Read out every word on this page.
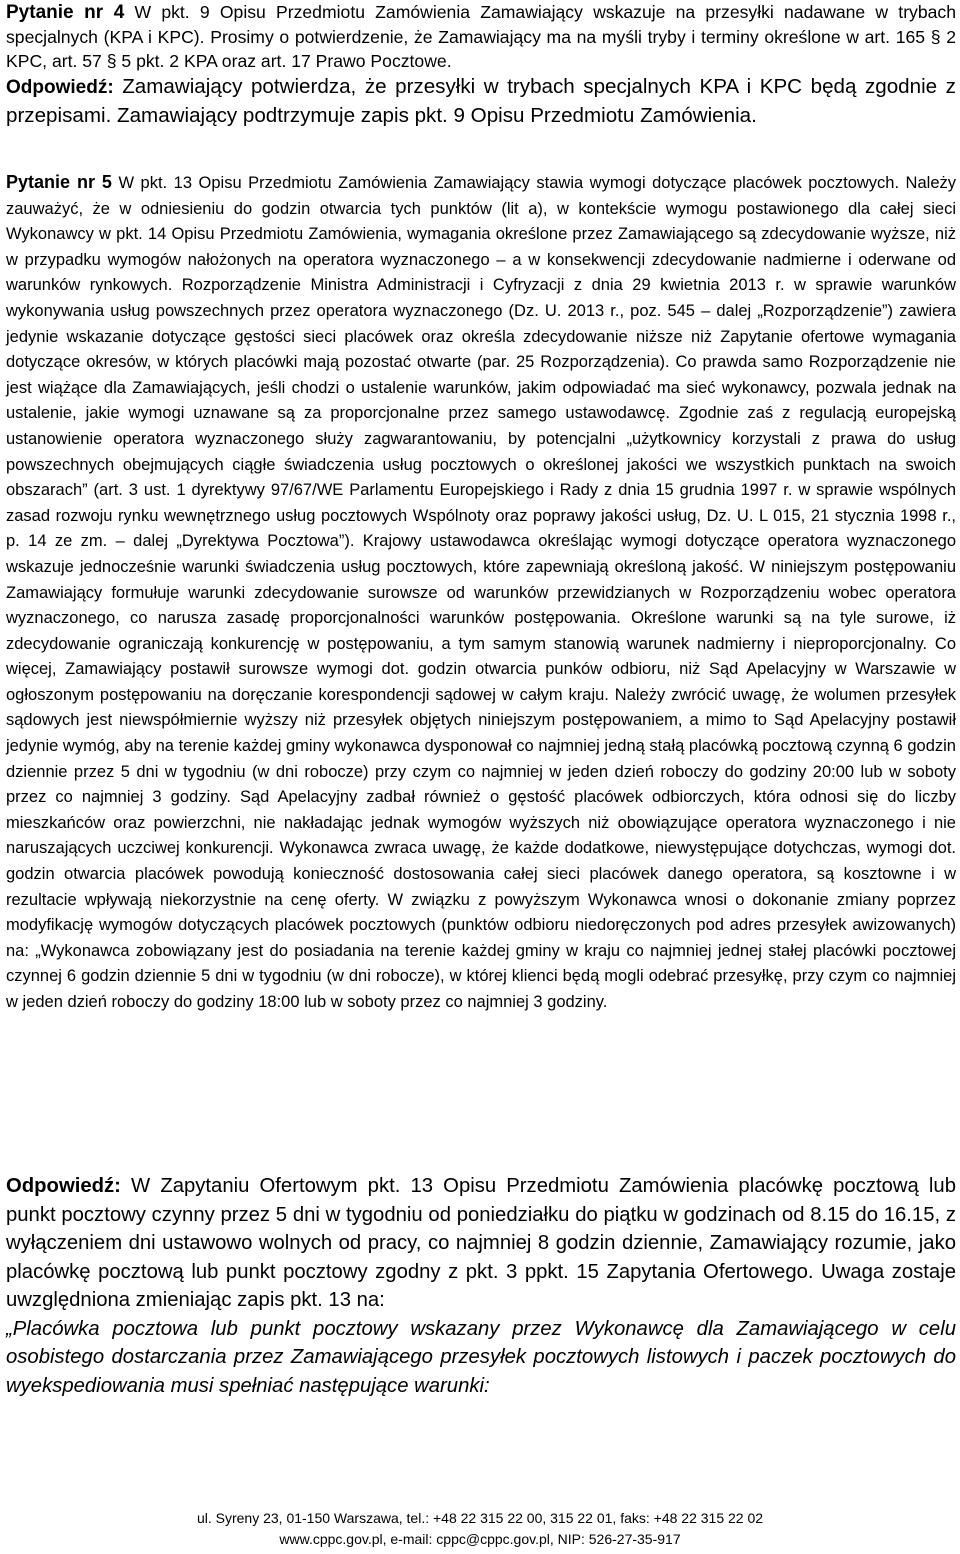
Pytanie nr 4 W pkt. 9 Opisu Przedmiotu Zamówienia Zamawiający wskazuje na przesyłki nadawane w trybach specjalnych (KPA i KPC). Prosimy o potwierdzenie, że Zamawiający ma na myśli tryby i terminy określone w art. 165 § 2 KPC, art. 57 § 5 pkt. 2 KPA oraz art. 17 Prawo Pocztowe.
Odpowiedź: Zamawiający potwierdza, że przesyłki w trybach specjalnych KPA i KPC będą zgodnie z przepisami. Zamawiający podtrzymuje zapis pkt. 9 Opisu Przedmiotu Zamówienia.
Pytanie nr 5 W pkt. 13 Opisu Przedmiotu Zamówienia Zamawiający stawia wymogi dotyczące placówek pocztowych. Należy zauważyć, że w odniesieniu do godzin otwarcia tych punktów (lit a), w kontekście wymogu postawionego dla całej sieci Wykonawcy w pkt. 14 Opisu Przedmiotu Zamówienia, wymagania określone przez Zamawiającego są zdecydowanie wyższe, niż w przypadku wymogów nałożonych na operatora wyznaczonego – a w konsekwencji zdecydowanie nadmierne i oderwane od warunków rynkowych. Rozporządzenie Ministra Administracji i Cyfryzacji z dnia 29 kwietnia 2013 r. w sprawie warunków wykonywania usług powszechnych przez operatora wyznaczonego (Dz. U. 2013 r., poz. 545 – dalej „Rozporządzenie”) zawiera jedynie wskazanie dotyczące gęstości sieci placówek oraz określa zdecydowanie niższe niż Zapytanie ofertowe wymagania dotyczące okresów, w których placówki mają pozostać otwarte (par. 25 Rozporządzenia). Co prawda samo Rozporządzenie nie jest wiążące dla Zamawiających, jeśli chodzi o ustalenie warunków, jakim odpowiadać ma sieć wykonawcy, pozwala jednak na ustalenie, jakie wymogi uznawane są za proporcjonalne przez samego ustawodawcę. Zgodnie zaś z regulacją europejską ustanowienie operatora wyznaczonego służy zagwarantowaniu, by potencjalni „użytkownicy korzystali z prawa do usług powszechnych obejmujących ciągłe świadczenia usług pocztowych o określonej jakości we wszystkich punktach na swoich obszarach” (art. 3 ust. 1 dyrektywy 97/67/WE Parlamentu Europejskiego i Rady z dnia 15 grudnia 1997 r. w sprawie wspólnych zasad rozwoju rynku wewnętrznego usług pocztowych Wspólnoty oraz poprawy jakości usług, Dz. U. L 015, 21 stycznia 1998 r., p. 14 ze zm. – dalej „Dyrektywa Pocztowa”). Krajowy ustawodawca określając wymogi dotyczące operatora wyznaczonego wskazuje jednocześnie warunki świadczenia usług pocztowych, które zapewniają określoną jakość. W niniejszym postępowaniu Zamawiający formułuje warunki zdecydowanie surowsze od warunków przewidzianych w Rozporządzeniu wobec operatora wyznaczonego, co narusza zasadę proporcjonalności warunków postępowania. Określone warunki są na tyle surowe, iż zdecydowanie ograniczają konkurencję w postępowaniu, a tym samym stanowią warunek nadmierny i nieproporcjonalny. Co więcej, Zamawiający postawił surowsze wymogi dot. godzin otwarcia punków odbioru, niż Sąd Apelacyjny w Warszawie w ogłoszonym postępowaniu na doręczanie korespondencji sądowej w całym kraju. Należy zwrócić uwagę, że wolumen przesyłek sądowych jest niewspółmiernie wyższy niż przesyłek objętych niniejszym postępowaniem, a mimo to Sąd Apelacyjny postawił jedynie wymóg, aby na terenie każdej gminy wykonawca dysponował co najmniej jedną stałą placówką pocztową czynną 6 godzin dziennie przez 5 dni w tygodniu (w dni robocze) przy czym co najmniej w jeden dzień roboczy do godziny 20:00 lub w soboty przez co najmniej 3 godziny. Sąd Apelacyjny zadbał również o gęstość placówek odbiorczych, która odnosi się do liczby mieszkańców oraz powierzchni, nie nakładając jednak wymogów wyższych niż obowiązujące operatora wyznaczonego i nie naruszających uczciwej konkurencji. Wykonawca zwraca uwagę, że każde dodatkowe, niewystępujące dotychczas, wymogi dot. godzin otwarcia placówek powodują konieczność dostosowania całej sieci placówek danego operatora, są kosztowne i w rezultacie wpływają niekorzystnie na cenę oferty. W związku z powyższym Wykonawca wnosi o dokonanie zmiany poprzez modyfikację wymogów dotyczących placówek pocztowych (punktów odbioru niedoręczonych pod adres przesyłek awizowanych) na: „Wykonawca zobowiązany jest do posiadania na terenie każdej gminy w kraju co najmniej jednej stałej placówki pocztowej czynnej 6 godzin dziennie 5 dni w tygodniu (w dni robocze), w której klienci będą mogli odebrać przesyłkę, przy czym co najmniej w jeden dzień roboczy do godziny 18:00 lub w soboty przez co najmniej 3 godziny.
Odpowiedź: W Zapytaniu Ofertowym pkt. 13 Opisu Przedmiotu Zamówienia placówkę pocztową lub punkt pocztowy czynny przez 5 dni w tygodniu od poniedziałku do piątku w godzinach od 8.15 do 16.15, z wyłączeniem dni ustawowo wolnych od pracy, co najmniej 8 godzin dziennie, Zamawiający rozumie, jako placówkę pocztową lub punkt pocztowy zgodny z pkt. 3 ppkt. 15 Zapytania Ofertowego. Uwaga zostaje uwzględniona zmieniając zapis pkt. 13 na:
„Placówka pocztowa lub punkt pocztowy wskazany przez Wykonawcę dla Zamawiającego w celu osobistego dostarczania przez Zamawiającego przesyłek pocztowych listowych i paczek pocztowych do wyekspediowania musi spełniać następujące warunki:
ul. Syreny 23, 01-150 Warszawa, tel.: +48 22 315 22 00, 315 22 01, faks: +48 22 315 22 02
www.cppc.gov.pl, e-mail: cppc@cppc.gov.pl, NIP: 526-27-35-917
